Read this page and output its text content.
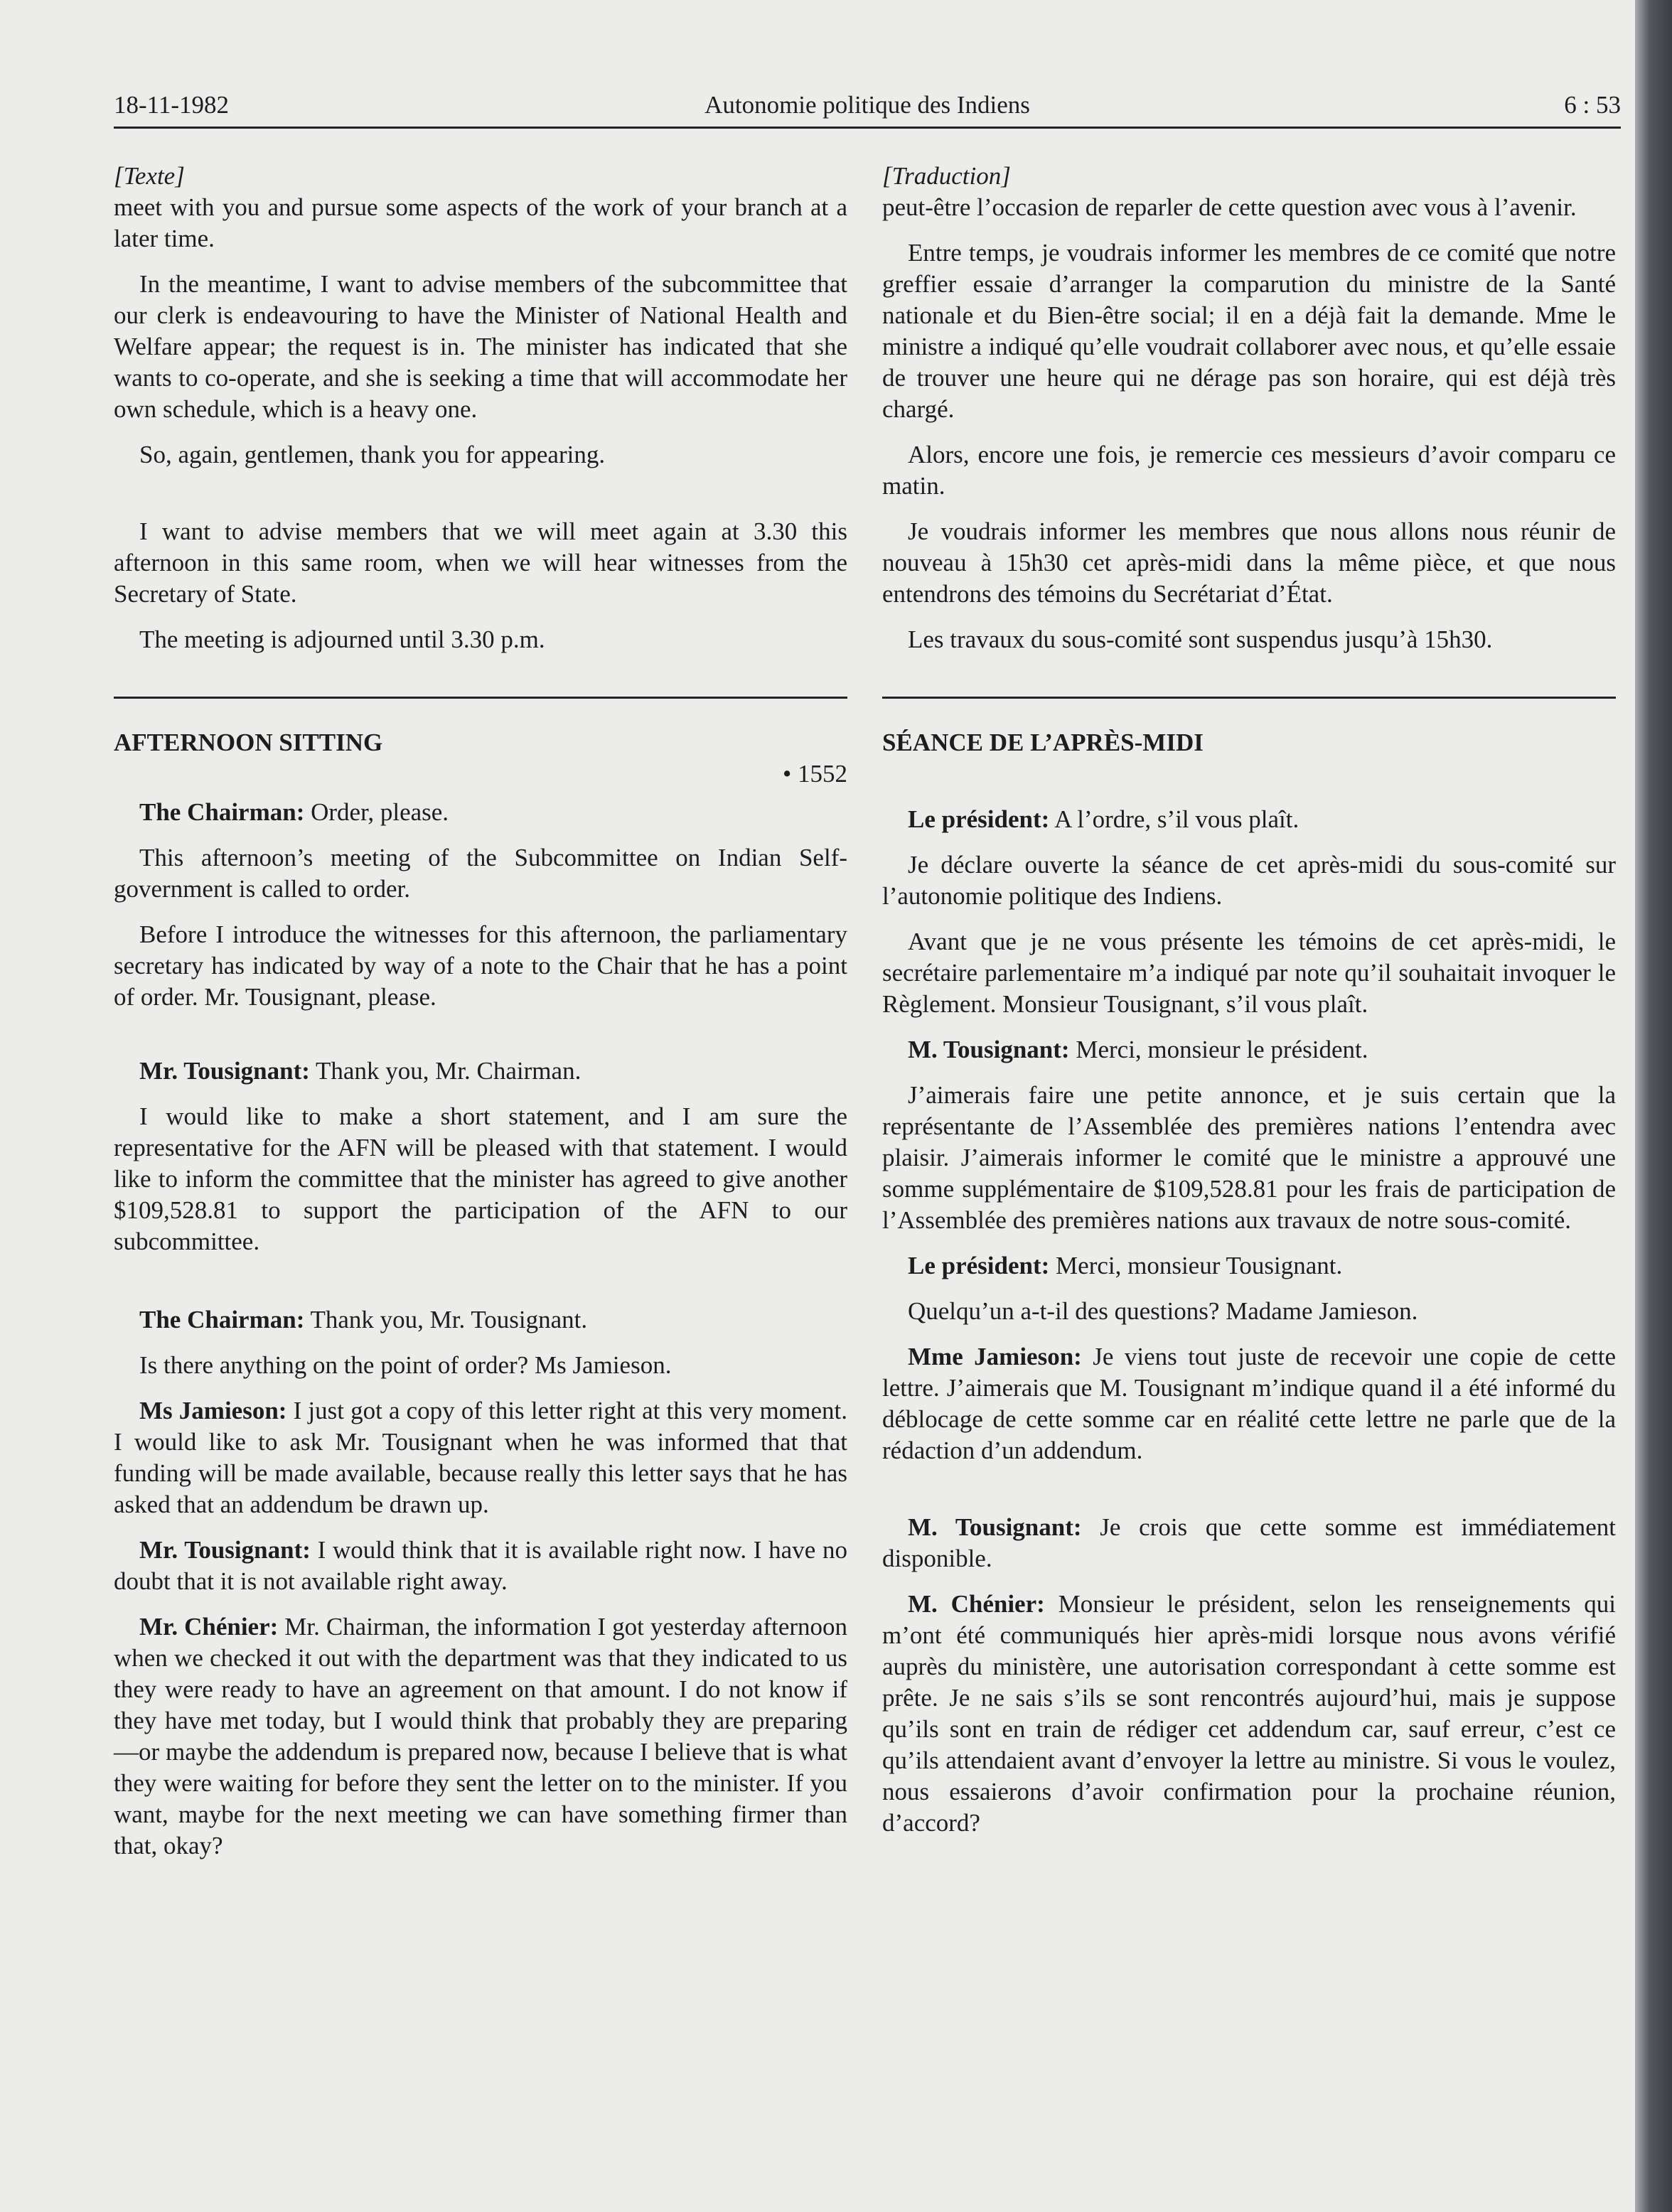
18-11-1982	Autonomie politique des Indiens	6 : 53

[Texte]

meet with you and pursue some aspects of the work of your branch at a later time.

In the meantime, I want to advise members of the subcommittee that our clerk is endeavouring to have the Minister of National Health and Welfare appear; the request is in. The minister has indicated that she wants to co-operate, and she is seeking a time that will accommodate her own schedule, which is a heavy one.

So, again, gentlemen, thank you for appearing.

I want to advise members that we will meet again at 3.30 this afternoon in this same room, when we will hear witnesses from the Secretary of State.

The meeting is adjourned until 3.30 p.m.

AFTERNOON SITTING

• 1552

The Chairman: Order, please.

This afternoon’s meeting of the Subcommittee on Indian Self-government is called to order.

Before I introduce the witnesses for this afternoon, the parliamentary secretary has indicated by way of a note to the Chair that he has a point of order. Mr. Tousignant, please.

Mr. Tousignant: Thank you, Mr. Chairman.

I would like to make a short statement, and I am sure the representative for the AFN will be pleased with that statement. I would like to inform the committee that the minister has agreed to give another $109,528.81 to support the participation of the AFN to our subcommittee.

The Chairman: Thank you, Mr. Tousignant.

Is there anything on the point of order? Ms Jamieson.

Ms Jamieson: I just got a copy of this letter right at this very moment. I would like to ask Mr. Tousignant when he was informed that that funding will be made available, because really this letter says that he has asked that an addendum be drawn up.

Mr. Tousignant: I would think that it is available right now. I have no doubt that it is not available right away.

Mr. Chénier: Mr. Chairman, the information I got yesterday afternoon when we checked it out with the department was that they indicated to us they were ready to have an agreement on that amount. I do not know if they have met today, but I would think that probably they are preparing—or maybe the addendum is prepared now, because I believe that is what they were waiting for before they sent the letter on to the minister. If you want, maybe for the next meeting we can have something firmer than that, okay?

[Traduction]

peut-être l’occasion de reparler de cette question avec vous à l’avenir.

Entre temps, je voudrais informer les membres de ce comité que notre greffier essaie d’arranger la comparution du ministre de la Santé nationale et du Bien-être social; il en a déjà fait la demande. Mme le ministre a indiqué qu’elle voudrait collaborer avec nous, et qu’elle essaie de trouver une heure qui ne dérage pas son horaire, qui est déjà très chargé.

Alors, encore une fois, je remercie ces messieurs d’avoir comparu ce matin.

Je voudrais informer les membres que nous allons nous réunir de nouveau à 15h30 cet après-midi dans la même pièce, et que nous entendrons des témoins du Secrétariat d’État.

Les travaux du sous-comité sont suspendus jusqu’à 15h30.

SÉANCE DE L’APRÈS-MIDI

Le président: A l’ordre, s’il vous plaît.

Je déclare ouverte la séance de cet après-midi du sous-comité sur l’autonomie politique des Indiens.

Avant que je ne vous présente les témoins de cet après-midi, le secrétaire parlementaire m’a indiqué par note qu’il souhaitait invoquer le Règlement. Monsieur Tousignant, s’il vous plaît.

M. Tousignant: Merci, monsieur le président.

J’aimerais faire une petite annonce, et je suis certain que la représentante de l’Assemblée des premières nations l’entendra avec plaisir. J’aimerais informer le comité que le ministre a approuvé une somme supplémentaire de $109,528.81 pour les frais de participation de l’Assemblée des premières nations aux travaux de notre sous-comité.

Le président: Merci, monsieur Tousignant.

Quelqu’un a-t-il des questions? Madame Jamieson.

Mme Jamieson: Je viens tout juste de recevoir une copie de cette lettre. J’aimerais que M. Tousignant m’indique quand il a été informé du déblocage de cette somme car en réalité cette lettre ne parle que de la rédaction d’un addendum.

M. Tousignant: Je crois que cette somme est immédiatement disponible.

M. Chénier: Monsieur le président, selon les renseignements qui m’ont été communiqués hier après-midi lorsque nous avons vérifié auprès du ministère, une autorisation correspondant à cette somme est prête. Je ne sais s’ils se sont rencontrés aujourd’hui, mais je suppose qu’ils sont en train de rédiger cet addendum car, sauf erreur, c’est ce qu’ils attendaient avant d’envoyer la lettre au ministre. Si vous le voulez, nous essaierons d’avoir confirmation pour la prochaine réunion, d’accord?
